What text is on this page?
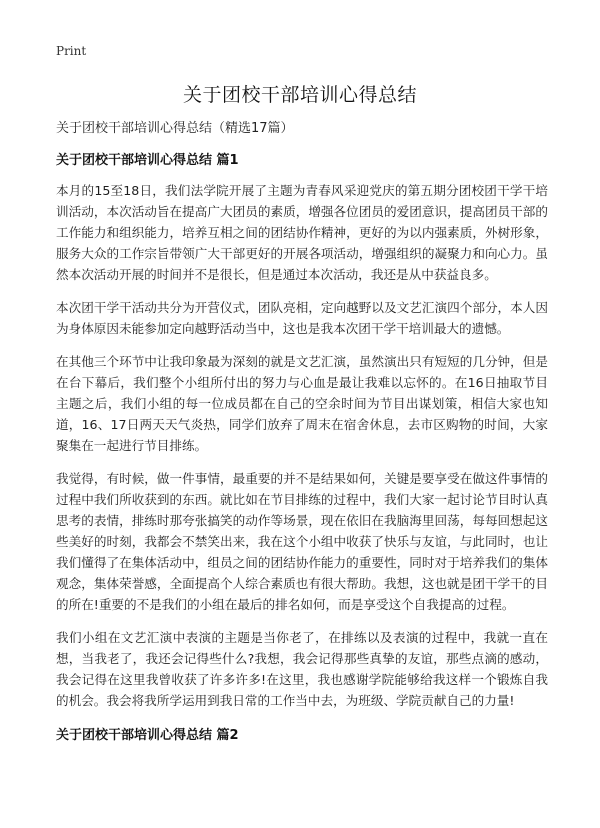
Print
关于团校干部培训心得总结

关于团校干部培训心得总结（精选17篇）

关于团校干部培训心得总结 篇1

本月的15至18日，我们法学院开展了主题为青春风采迎党庆的第五期分团校团干学干培训活动，本次活动旨在提高广大团员的素质，增强各位团员的爱团意识，提高团员干部的工作能力和组织能力，培养互相之间的团结协作精神，更好的为以内强素质，外树形象，服务大众的工作宗旨带领广大干部更好的开展各项活动，增强组织的凝聚力和向心力。虽然本次活动开展的时间并不是很长，但是通过本次活动，我还是从中获益良多。

本次团干学干活动共分为开营仪式，团队亮相，定向越野以及文艺汇演四个部分，本人因为身体原因未能参加定向越野活动当中，这也是我本次团干学干培训最大的遗憾。

在其他三个环节中让我印象最为深刻的就是文艺汇演，虽然演出只有短短的几分钟，但是在台下幕后，我们整个小组所付出的努力与心血是最让我难以忘怀的。在16日抽取节目主题之后，我们小组的每一位成员都在自己的空余时间为节目出谋划策，相信大家也知道，16、17日两天天气炎热，同学们放弃了周末在宿舍休息，去市区购物的时间，大家聚集在一起进行节目排练。

我觉得，有时候，做一件事情，最重要的并不是结果如何，关键是要享受在做这件事情的过程中我们所收获到的东西。就比如在节目排练的过程中，我们大家一起讨论节目时认真思考的表情，排练时那夸张搞笑的动作等场景，现在依旧在我脑海里回荡，每每回想起这些美好的时刻，我都会不禁笑出来，我在这个小组中收获了快乐与友谊，与此同时，也让我们懂得了在集体活动中，组员之间的团结协作能力的重要性，同时对于培养我们的集体观念，集体荣誉感，全面提高个人综合素质也有很大帮助。我想，这也就是团干学干的目的所在!重要的不是我们的小组在最后的排名如何，而是享受这个自我提高的过程。

我们小组在文艺汇演中表演的主题是当你老了，在排练以及表演的过程中，我就一直在想，当我老了，我还会记得些什么?我想，我会记得那些真挚的友谊，那些点滴的感动，我会记得在这里我曾收获了许多许多!在这里，我也感谢学院能够给我这样一个锻炼自我的机会。我会将我所学运用到我日常的工作当中去，为班级、学院贡献自己的力量!

关于团校干部培训心得总结 篇2
